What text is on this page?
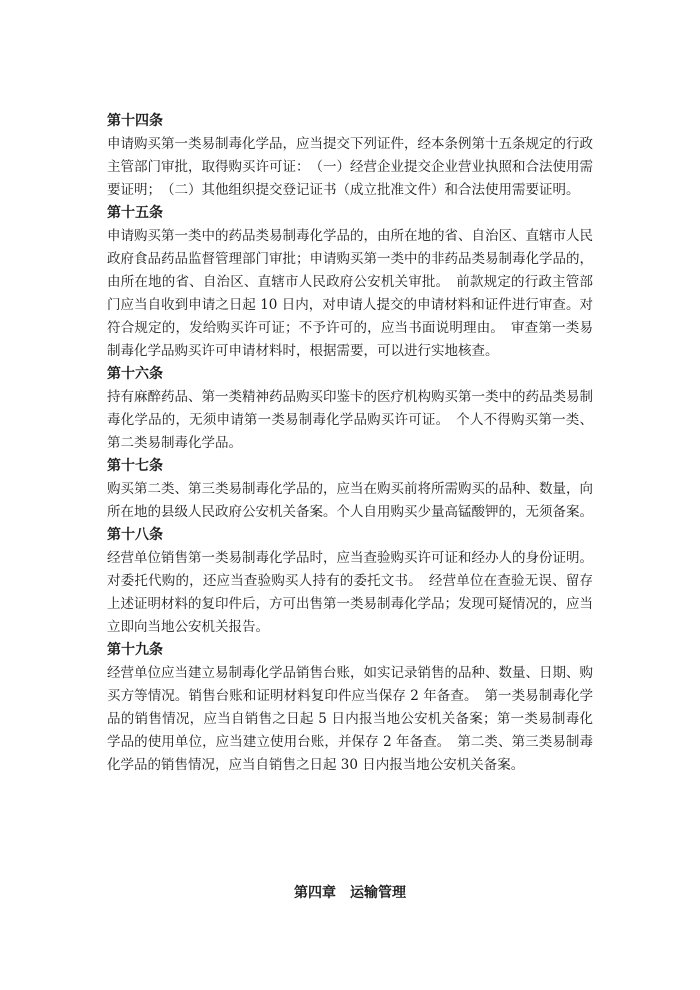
第十四条

申请购买第一类易制毒化学品，应当提交下列证件，经本条例第十五条规定的行政主管部门审批，取得购买许可证：　（一）经营企业提交企业营业执照和合法使用需要证明；　（二）其他组织提交登记证书（成立批准文件）和合法使用需要证明。

第十五条

申请购买第一类中的药品类易制毒化学品的，由所在地的省、自治区、直辖市人民政府食品药品监督管理部门审批；申请购买第一类中的非药品类易制毒化学品的，由所在地的省、自治区、直辖市人民政府公安机关审批。　前款规定的行政主管部门应当自收到申请之日起 10 日内，对申请人提交的申请材料和证件进行审查。对符合规定的，发给购买许可证；不予许可的，应当书面说明理由。　审查第一类易制毒化学品购买许可申请材料时，根据需要，可以进行实地核查。

第十六条

持有麻醉药品、第一类精神药品购买印鉴卡的医疗机构购买第一类中的药品类易制毒化学品的，无须申请第一类易制毒化学品购买许可证。　个人不得购买第一类、第二类易制毒化学品。

第十七条

购买第二类、第三类易制毒化学品的，应当在购买前将所需购买的品种、数量，向所在地的县级人民政府公安机关备案。个人自用购买少量高锰酸钾的，无须备案。

第十八条

经营单位销售第一类易制毒化学品时，应当查验购买许可证和经办人的身份证明。对委托代购的，还应当查验购买人持有的委托文书。　经营单位在查验无误、留存上述证明材料的复印件后，方可出售第一类易制毒化学品；发现可疑情况的，应当立即向当地公安机关报告。

第十九条

经营单位应当建立易制毒化学品销售台账，如实记录销售的品种、数量、日期、购买方等情况。销售台账和证明材料复印件应当保存 2 年备查。　第一类易制毒化学品的销售情况，应当自销售之日起 5 日内报当地公安机关备案；第一类易制毒化学品的使用单位，应当建立使用台账，并保存 2 年备查。　第二类、第三类易制毒化学品的销售情况，应当自销售之日起 30 日内报当地公安机关备案。

第四章　运输管理
